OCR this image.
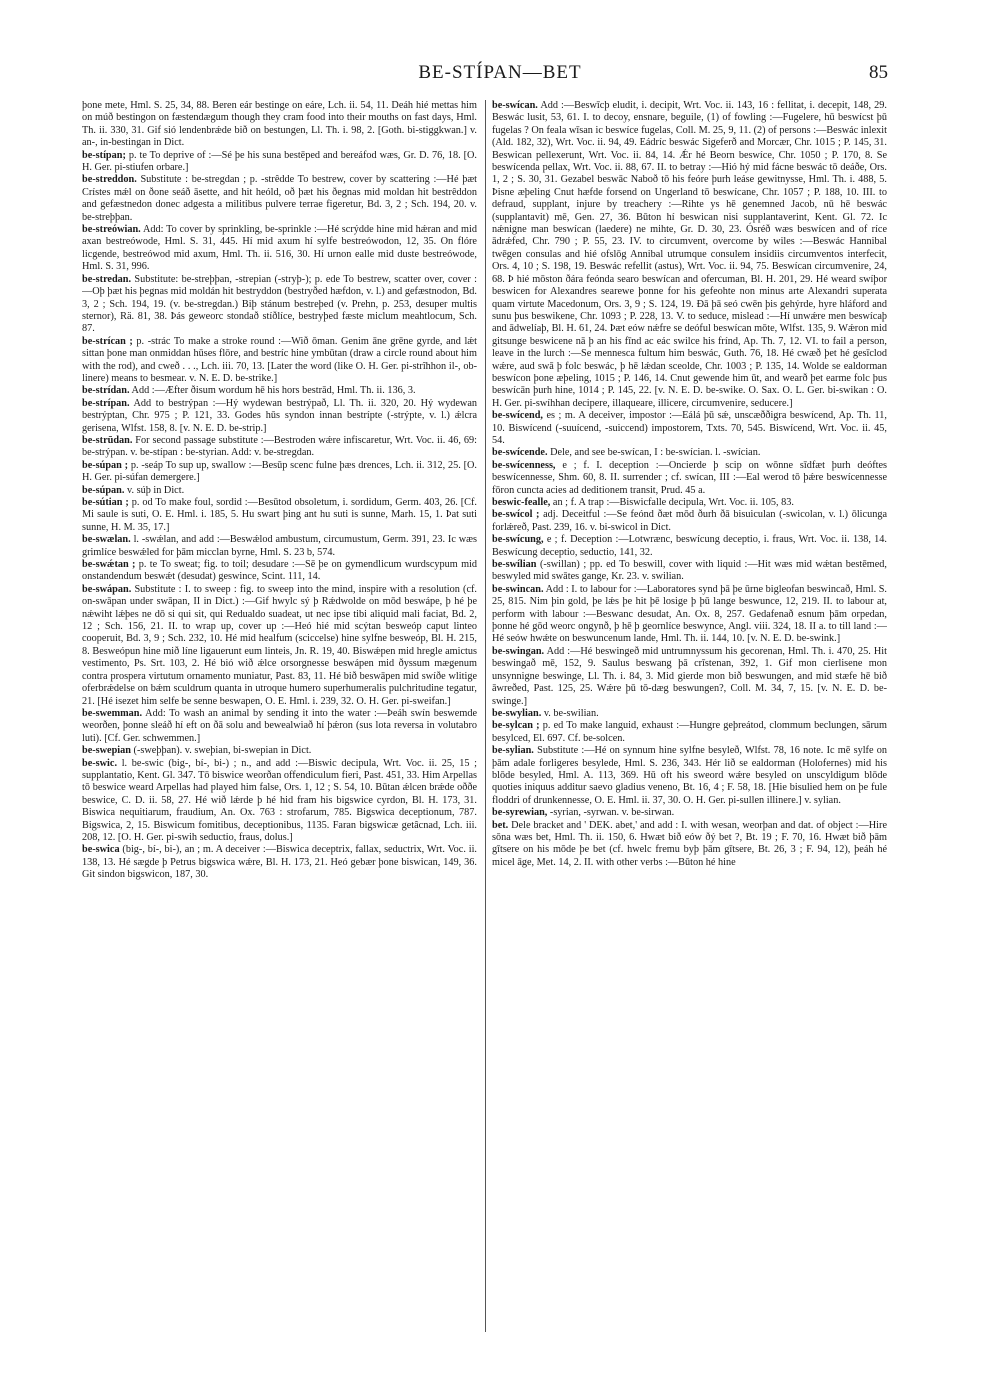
BE-STÍPAN—BET	85

þone mete, Hml. S. 25, 34, 88. Beren eár bestinge on eáre, Lch. ii. 54, 11. Deáh hié mettas him on múð bestingon on fæstendægum though they cram food into their mouths on fast days, Hml. Th. ii. 330, 31. Gif sió lendenbrǽde bið on bestungen, Ll. Th. i. 98, 2. [Goth. bi-stiggkwan.] v. an-, in-bestingan in Dict.

be-stípan; p. te To deprive of :—Sé þe his suna bestēped and bereáfod wæs, Gr. D. 76, 18. [O. H. Ger. pi-stiufen orbare.]

be-streddon. Substitute : be-stregdan ; p. -strêdde To bestrew, cover by scattering :—Hé þæt Crístes mǽl on ðone seáð āsette, and hit heóld, oð þæt his ðegnas mid moldan hit bestrêddon and gefæstnedon donec adgesta a militibus pulvere terrae figeretur, Bd. 3, 2 ; Sch. 194, 20. v. be-streþþan.

be-streówian. Add: To cover by sprinkling, be-sprinkle :—Hé scrýdde hine mid hǽran and mid axan bestreówode, Hml. S. 31, 445. Hí mid axum hí sylfe bestreówodon, 12, 35. On flóre licgende, bestreówod mid axum, Hml. Th. ii. 516, 30. Hí urnon ealle mid duste bestreówode, Hml. S. 31, 996.

be-stredan. Substitute: be-streþþan, -strepian (-stryþ-); p. ede To bestrew, scatter over, cover :—Oþ þæt his þegnas mid moldán hit bestryddon (bestryðed hæfdon, v. l.) and gefæstnodon, Bd. 3, 2 ; Sch. 194, 19. (v. be-stregdan.) Biþ stánum bestreþed (v. Prehn, p. 253, desuper multis sternor), Rä. 81, 38. Þás geweorc stondað stíðlíce, bestryþed fæste miclum meahtlocum, Sch. 87.

be-strícan ; p. -strác To make a stroke round :—Wið ōman. Genim āne grēne gyrde, and lǽt sittan þone man onmiddan hūses flōre, and bestríc hine ymbūtan (draw a circle round about him with the rod), and cweð . . ., Lch. iii. 70, 13. [Later the word (like O. H. Ger. pi-strîhhon il-, ob-linere) means to besmear. v. N. E. D. be-strike.]

be-strídan. Add :—Æfter ðisum wordum hē his hors bestrād, Hml. Th. ii. 136, 3.

be-strípan. Add to bestrýpan :—Hý wydewan bestrýpað, Ll. Th. ii. 320, 20. Hý wydewan bestrýptan, Chr. 975 ; P. 121, 33. Godes hūs syndon innan bestrípte (-strýpte, v. l.) ǽlcra gerisena, Wlfst. 158, 8. [v. N. E. D. be-strip.]

be-strūdan. For second passage substitute :—Bestroden wǽre infiscaretur, Wrt. Voc. ii. 46, 69: be-strýpan. v. be-stípan : be-styrian. Add: v. be-stregdan.

be-súpan ; p. -seáp To sup up, swallow :—Besūp scenc fulne þæs drences, Lch. ii. 312, 25. [O. H. Ger. pi-súfan demergere.]

be-súpan. v. súþ in Dict.

be-sútian ; p. od To make foul, sordid :—Besūtod obsoletum, i. sordidum, Germ. 403, 26. [Cf. Mi saule is suti, O. E. Hml. i. 185, 5. Hu swart þing ant hu suti is sunne, Marh. 15, 1. Þat suti sunne, H. M. 35, 17.]

be-swælan. l. -swǽlan, and add :—Beswǽlod ambustum, circumustum, Germ. 391, 23. Ic wæs grimlíce beswǽled for þām micclan byrne, Hml. S. 23 b, 574.

be-swǽtan ; p. te To sweat; fig. to toil; desudare :—Sē þe on gymendlicum wurdscypum mid onstandendum beswǽt (desudat) geswince, Scint. 111, 14.

be-swápan. Substitute : I. to sweep : fig. to sweep into the mind, inspire with a resolution (cf. on-swāpan under swāpan, II in Dict.) :—Gif hwylc sý þ Rǽdwolde on mōd beswápe, þ hé þe nǽwiht lǽþes ne dō si qui sit, qui Redualdo suadeat, ut nec ipse tibi aliquid mali faciat, Bd. 2, 12 ; Sch. 156, 21. II. to wrap up, cover up :—Heó hié mid scýtan besweóp caput linteo cooperuit, Bd. 3, 9 ; Sch. 232, 10. Hé mid healfum (sciccelse) hine sylfne besweóp, Bl. H. 215, 8. Besweópun hine mið líne ligauerunt eum linteis, Jn. R. 19, 40. Biswǽpen mid hregle amictus vestimento, Ps. Srt. 103, 2. Hé bió wið ǽlce orsorgnesse beswápen mid ðyssum mægenum contra prospera virtutum ornamento muniatur, Past. 83, 11. Hé bið beswāpen mid swíðe wlitige oferbrǽdelse on bǽm sculdrum quanta in utroque humero superhumeralis pulchritudine tegatur, 21. [Hé isezet him selfe be senne beswapen, O. E. Hml. i. 239, 32. O. H. Ger. pi-sweifan.]

be-swemman. Add: To wash an animal by sending it into the water :—Þeáh swín beswemde weorðen, þonne sleáð hí eft on ðā solu and bewealwiað hí þǽron (sus lota reversa in volutabro luti). [Cf. Ger. schwemmen.]

be-swepian (-sweþþan). v. sweþian, bi-swepian in Dict.

be-swic. l. be-swic (big-, bí-, bi-) ; n., and add :—Biswic decipula, Wrt. Voc. ii. 25, 15 ; supplantatio, Kent. Gl. 347. Tō biswice weorðan offendiculum fieri, Past. 451, 33. Him Arpellas tō beswice weard Arpellas had played him false, Ors. 1, 12 ; S. 54, 10. Būtan ǽlcen brǽde oððe beswice, C. D. ii. 58, 27. Hé wið lǽrde þ hé hid fram his bigswice cyrdon, Bl. H. 173, 31. Biswica nequitiarum, fraudium, An. Ox. 763 : strofarum, 785. Bigswica deceptionum, 787. Bigswica, 2, 15. Biswicum fomitibus, deceptionibus, 1135. Faran bigswicæ getâcnad, Lch. iii. 208, 12. [O. H. Ger. pi-swih seductio, fraus, dolus.]

be-swica (big-, bí-, bi-), an ; m. A deceiver :—Biswica deceptrix, fallax, seductrix, Wrt. Voc. ii. 138, 13. Hé sægde þ Petrus bigswica wǽre, Bl. H. 173, 21. Heó gebær þone biswican, 149, 36. Git sindon bigswicon, 187, 30.

be-swícan. Add :—Beswīcþ eludit, i. decipit, Wrt. Voc. ii. 143, 16 : fellitat, i. decepit, 148, 29. Beswác lusit, 53, 61. I. to decoy, ensnare, beguile, (1) of fowling :—Fugelere, hū beswícst þū fugelas ? On feala wīsan ic beswíce fugelas, Coll. M. 25, 9, 11. (2) of persons :—Beswác inlexit (Ald. 182, 32), Wrt. Voc. ii. 94, 49. Eádríc beswác Sigeferð and Morcær, Chr. 1015 ; P. 145, 31. Beswican pellexerunt, Wrt. Voc. ii. 84, 14. Ǽr hé Beorn beswíce, Chr. 1050 ; P. 170, 8. Se beswícenda pellax, Wrt. Voc. ii. 88, 67. II. to betray :—Hió hý mid fácne beswác tō deáðe, Ors. 1, 2 ; S. 30, 31. Gezabel beswāc Naboð tō his feóre þurh leáse gewitnysse, Hml. Th. i. 488, 5. Þisne æþeling Cnut hæfde forsend on Ungerland tō beswícane, Chr. 1057 ; P. 188, 10. III. to defraud, supplant, injure by treachery :—Rihte ys hē genemned Jacob, nū hē beswác (supplantavit) mē, Gen. 27, 36. Būton hí beswican nisi supplantaverint, Kent. Gl. 72. Ic nǽnigne man beswícan (laedere) ne mihte, Gr. D. 30, 23. Ósréð wæs beswícen and of ríce ādrǽfed, Chr. 790 ; P. 55, 23. IV. to circumvent, overcome by wiles :—Beswác Hannibal twēgen consulas and hié ofslōg Annibal utrumque consulem insidiis circumventos interfecit, Ors. 4, 10 ; S. 198, 19. Beswác refellit (astus), Wrt. Voc. ii. 94, 75. Beswícan circumvenire, 24, 68. Þ hié mōston ðára feónda searo beswícan and ofercuman, Bl. H. 201, 29. Hé weard swíþor beswicen for Alexandres searewe þonne for his gefeohte non minus arte Alexandri superata quam virtute Macedonum, Ors. 3, 9 ; S. 124, 19. Ðā þā seó cwēn þis gehýrde, hyre hláford and sunu þus beswikene, Chr. 1093 ; P. 228, 13. V. to seduce, mislead :—Hí unwǽre men beswícaþ and ādwelíaþ, Bl. H. 61, 24. Þæt eów nǽfre se deóful beswícan mōte, Wlfst. 135, 9. Wǽron mid gitsunge beswicene nā þ an his fīnd ac eác swilce his frínd, Ap. Th. 7, 12. VI. to fail a person, leave in the lurch :—Se mennesca fultum him beswác, Guth. 76, 18. Hé cwæð þet hé gesīclod wǽre, aud swā þ folc beswác, þ hē lǽdan sceolde, Chr. 1003 ; P. 135, 14. Wolde se ealdorman beswícon þone æþeling, 1015 ; P. 146, 14. Cnut gewende him ūt, and wearð þet earme folc þus beswícān þurh hine, 1014 ; P. 145, 22. [v. N. E. D. be-swike. O. Sax. O. L. Ger. bi-swikan : O. H. Ger. pi-swíhhan decipere, illaqueare, illicere, circumvenire, seducere.]

be-swícend, es ; m. A deceiver, impostor :—Eálá þū sǽ, unscæððigra beswícend, Ap. Th. 11, 10. Biswícend (-suuícend, -suiccend) impostorem, Txts. 70, 545. Biswícend, Wrt. Voc. ii. 45, 54.

be-swícende. Dele, and see be-swícan, I : be-swícian. l. -swícian.

be-swícenness, e ; f. I. deception :—Oncierde þ scip on wōnne sīdfæt þurh deóftes beswícennesse, Shm. 60, 8. II. surrender ; cf. swícan, III :—Eal werod tō þǽre beswícennesse fōron cuncta acies ad deditionem transit, Prud. 45 a.

beswic-fealle, an ; f. A trap :—Biswicfalle decipula, Wrt. Voc. ii. 105, 83.

be-swícol ; adj. Deceitful :—Se feónd ðæt mōd ðurh ðā bisuiculan (-swicolan, v. l.) ōlicunga forlǽreð, Past. 239, 16. v. bi-swicol in Dict.

be-swícung, e ; f. Deception :—Lotwrænc, beswícung deceptio, i. fraus, Wrt. Voc. ii. 138, 14. Beswícung deceptio, seductio, 141, 32.

be-swílian (-swillan) ; pp. ed To beswill, cover with liquid :—Hit wæs mid wǽtan bestēmed, beswyled mid swātes gange, Kr. 23. v. swilian.

be-swincan. Add : I. to labour for :—Laboratores synd þā þe ūrne bigleofan beswincað, Hml. S. 25, 815. Nim þin gold, þe lǽs þe hit þē losige þ þū lange beswunce, 12, 219. II. to labour at, perform with labour :—Beswanc desudat, An. Ox. 8, 257. Gedafenað esnum þām orpedan, þonne hé gōd weorc ongynð, þ hē þ geornlíce beswynce, Angl. viii. 324, 18. II a. to till land :—Hé seów hwǽte on beswuncenum lande, Hml. Th. ii. 144, 10. [v. N. E. D. be-swink.]

be-swingan. Add :—Hé beswingeð mid untrumnyssum his gecorenan, Hml. Th. i. 470, 25. Hit beswingað mē, 152, 9. Saulus beswang þā crīstenan, 392, 1. Gif mon cierlisene mon unsynnigne beswinge, Ll. Th. i. 84, 3. Mid gierde mon bið beswungen, and mid stæfe hē bið āwreðed, Past. 125, 25. Wǽre þū tō-dæg beswungen?, Coll. M. 34, 7, 15. [v. N. E. D. be-swinge.]

be-swylian. v. be-swilian.

be-sylcan ; p. ed To make languid, exhaust :—Hungre geþreátod, clommum beclungen, sārum besylced, El. 697. Cf. be-solcen.

be-sylian. Substitute :—Hé on synnum hine sylfne besyleð, Wlfst. 78, 16 note. Ic mē sylfe on þām adale forligeres besylede, Hml. S. 236, 343. Hér lið se ealdorman (Holofernes) mid his blōde besyled, Hml. A. 113, 369. Hū oft his sweord wǽre besyled on unscyldigum blōde quoties iniquus additur saevo gladius veneno, Bt. 16, 4 ; F. 58, 18. [Hie bisulied hem on þe fule floddri of drunkennesse, O. E. Hml. ii. 37, 30. O. H. Ger. pi-sullen illinere.] v. sylian.

be-syrewian, -syrian, -syrwan. v. be-sirwan.

bet. Dele bracket and ' DEK. abet,' and add : I. with wesan, weorþan and dat. of object :—Hire sōna wæs bet, Hml. Th. ii. 150, 6. Hwæt bið eów ðý bet ?, Bt. 19 ; F. 70, 16. Hwæt bið þām gītsere on his mōde þe bet (cf. hwelc fremu byþ þām gītsere, Bt. 26, 3 ; F. 94, 12), þeáh hé micel āge, Met. 14, 2. II. with other verbs :—Būton hé hine
